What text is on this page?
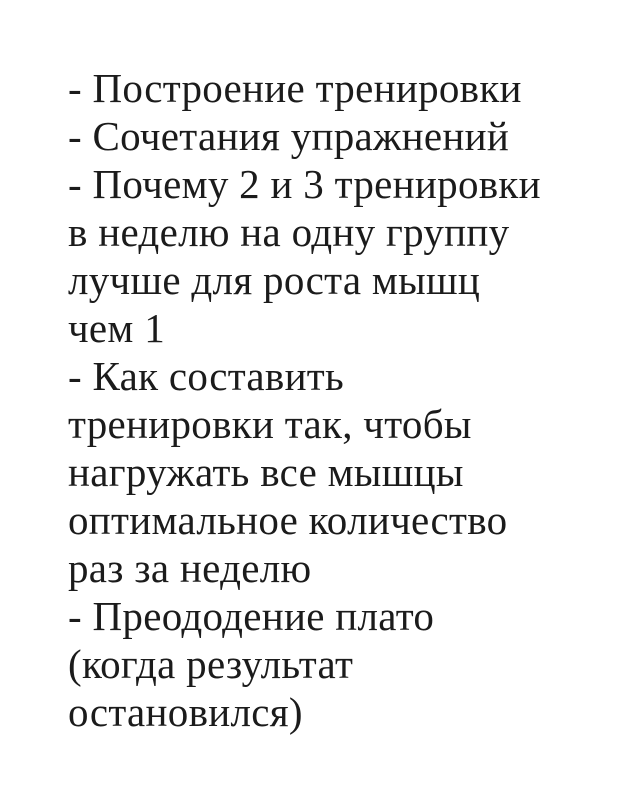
- Построение тренировки
- Сочетания упражнений
- Почему 2 и 3 тренировки
в неделю на одну группу
лучше для роста мышц
чем 1
- Как составить
тренировки так, чтобы
нагружать все мышцы
оптимальное количество
раз за неделю
- Преододение плато
(когда результат
остановился)
